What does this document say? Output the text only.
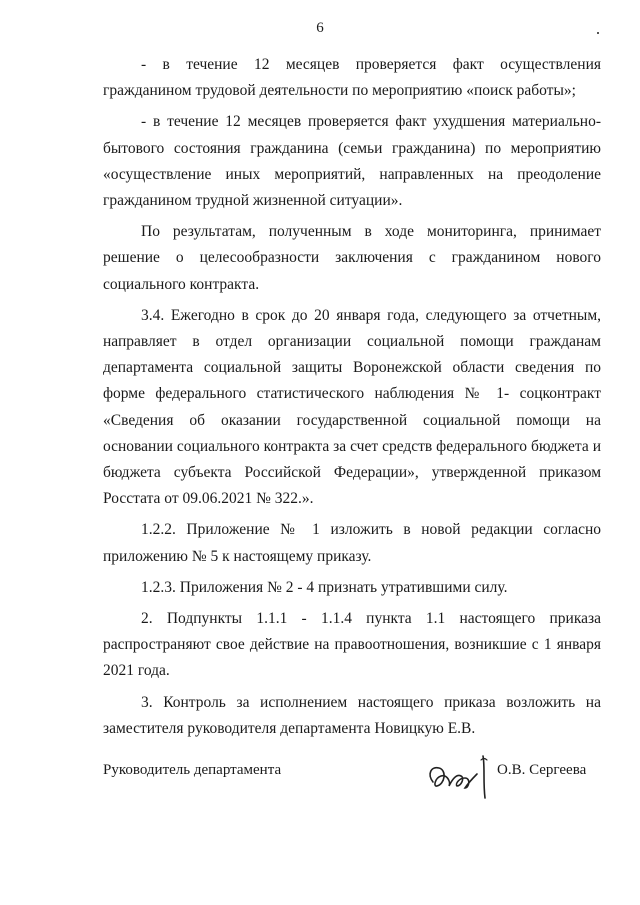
6

- в течение 12 месяцев проверяется факт осуществления гражданином трудовой деятельности по мероприятию «поиск работы»;

- в течение 12 месяцев проверяется факт ухудшения материально-бытового состояния гражданина (семьи гражданина) по мероприятию «осуществление иных мероприятий, направленных на преодоление гражданином трудной жизненной ситуации».

По результатам, полученным в ходе мониторинга, принимает решение о целесообразности заключения с гражданином нового социального контракта.

3.4. Ежегодно в срок до 20 января года, следующего за отчетным, направляет в отдел организации социальной помощи гражданам департамента социальной защиты Воронежской области сведения по форме федерального статистического наблюдения № 1- соцконтракт «Сведения об оказании государственной социальной помощи на основании социального контракта за счет средств федерального бюджета и бюджета субъекта Российской Федерации», утвержденной приказом Росстата от 09.06.2021 № 322.».

1.2.2. Приложение № 1 изложить в новой редакции согласно приложению № 5 к настоящему приказу.

1.2.3. Приложения № 2 - 4 признать утратившими силу.

2. Подпункты 1.1.1 - 1.1.4 пункта 1.1 настоящего приказа распространяют свое действие на правоотношения, возникшие с 1 января 2021 года.

3. Контроль за исполнением настоящего приказа возложить на заместителя руководителя департамента Новицкую Е.В.

Руководитель департамента	О.В. Сергеева
